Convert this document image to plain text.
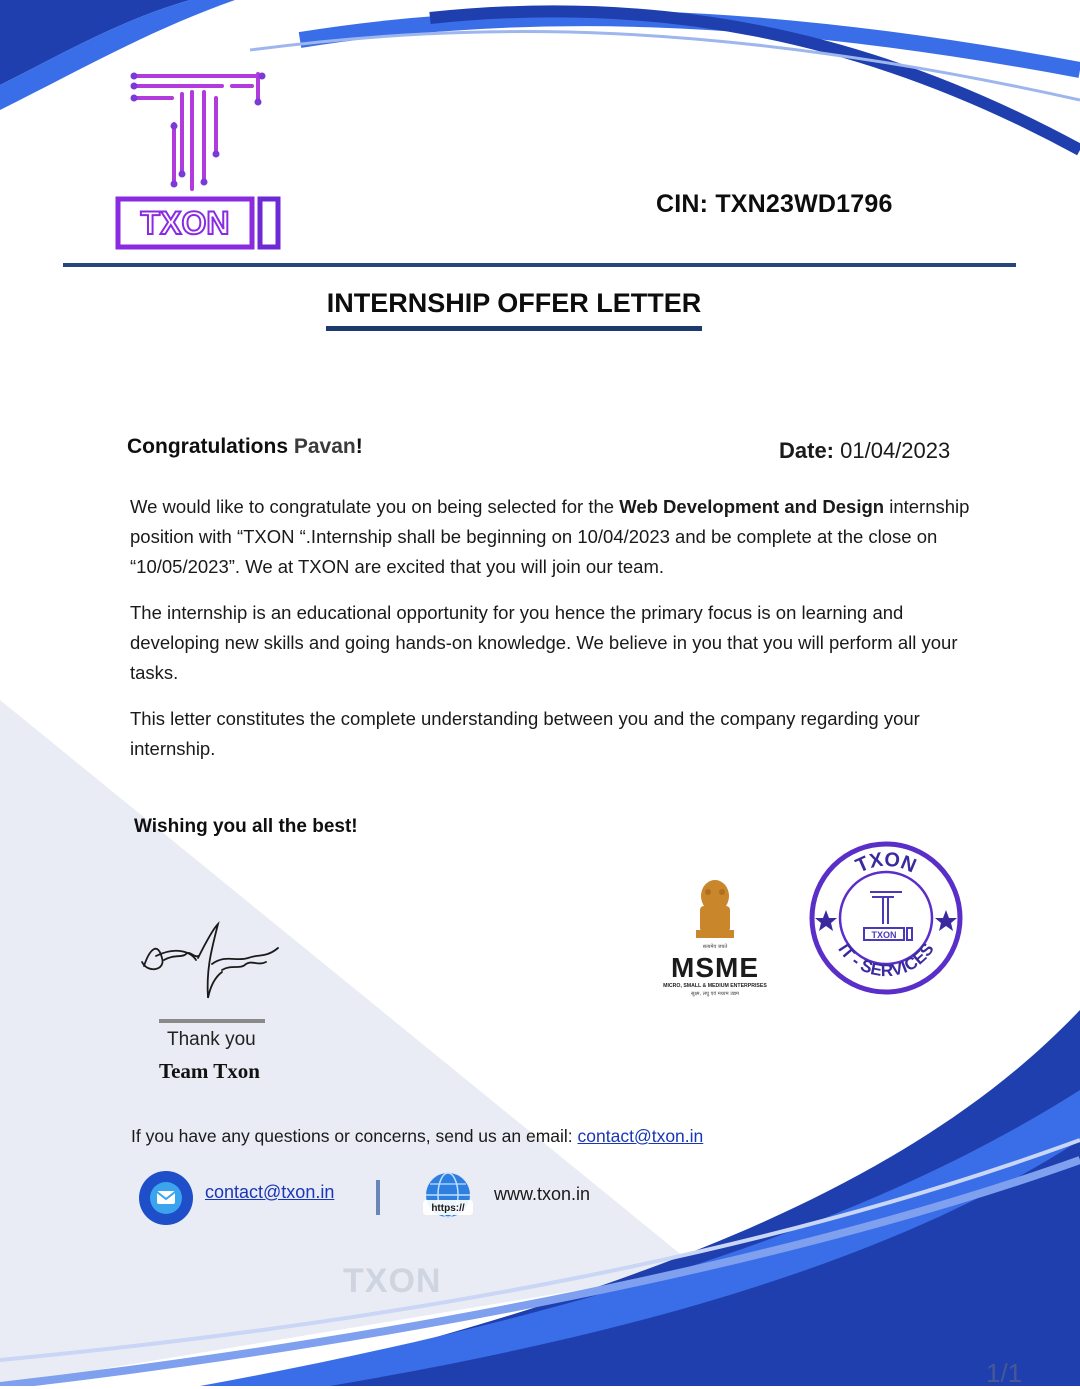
TXON
CIN: TXN23WD1796
INTERNSHIP OFFER LETTER
Congratulations Pavan!	Date: 01/04/2023

We would like to congratulate you on being selected for the Web Development and Design internship position with “TXON “.Internship shall be beginning on 10/04/2023 and be complete at the close on “10/05/2023”. We at TXON are excited that you will join our team.

The internship is an educational opportunity for you hence the primary focus is on learning and developing new skills and going hands-on knowledge. We believe in you that you will perform all your tasks.

This letter constitutes the complete understanding between you and the company regarding your internship.

Wishing you all the best!
Thank you
Team Txon
सत्यमेव जयते
MSME
MICRO, SMALL & MEDIUM ENTERPRISES
सूक्ष्म, लघु एवं मध्यम उद्यम
TXON
IT - SERVICES
TXON
If you have any questions or concerns, send us an email: contact@txon.in
contact@txon.in
https://
www.txon.in
TXON
1/1
